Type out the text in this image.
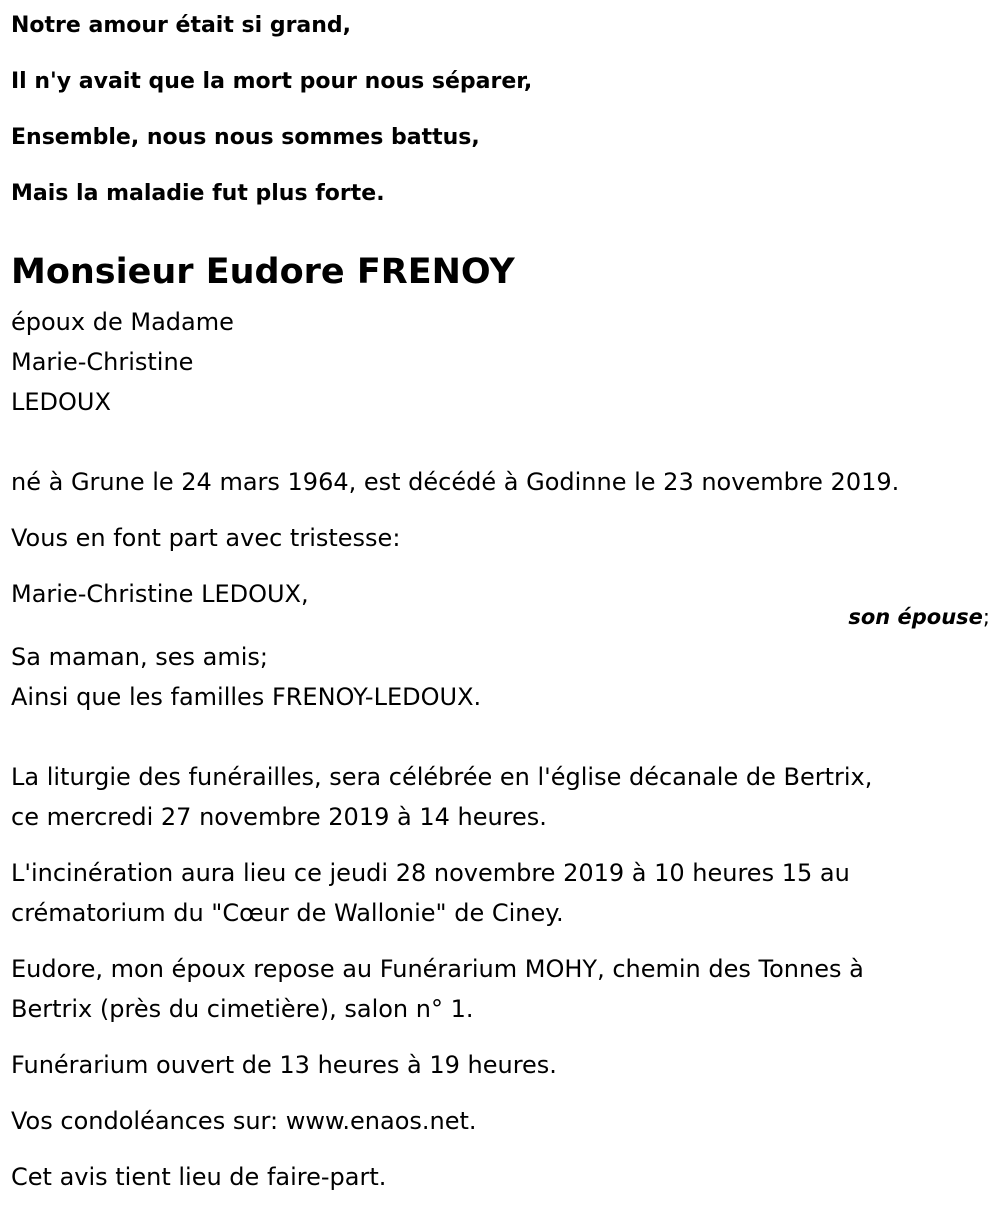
Notre amour était si grand,
Il n'y avait que la mort pour nous séparer,
Ensemble, nous nous sommes battus,
Mais la maladie fut plus forte.
Monsieur Eudore FRENOY
époux de Madame
Marie-Christine
LEDOUX
né à Grune le 24 mars 1964, est décédé à Godinne le 23 novembre 2019.
Vous en font part avec tristesse:
Marie-Christine LEDOUX,
son épouse;
Sa maman, ses amis;
Ainsi que les familles FRENOY-LEDOUX.
La liturgie des funérailles, sera célébrée en l'église décanale de Bertrix,
ce mercredi 27 novembre 2019 à 14 heures.
L'incinération aura lieu ce jeudi 28 novembre 2019 à 10 heures 15 au
crématorium du "Cœur de Wallonie" de Ciney.
Eudore, mon époux repose au Funérarium MOHY, chemin des Tonnes à
Bertrix (près du cimetière), salon n° 1.
Funérarium ouvert de 13 heures à 19 heures.
Vos condoléances sur: www.enaos.net.
Cet avis tient lieu de faire-part.
